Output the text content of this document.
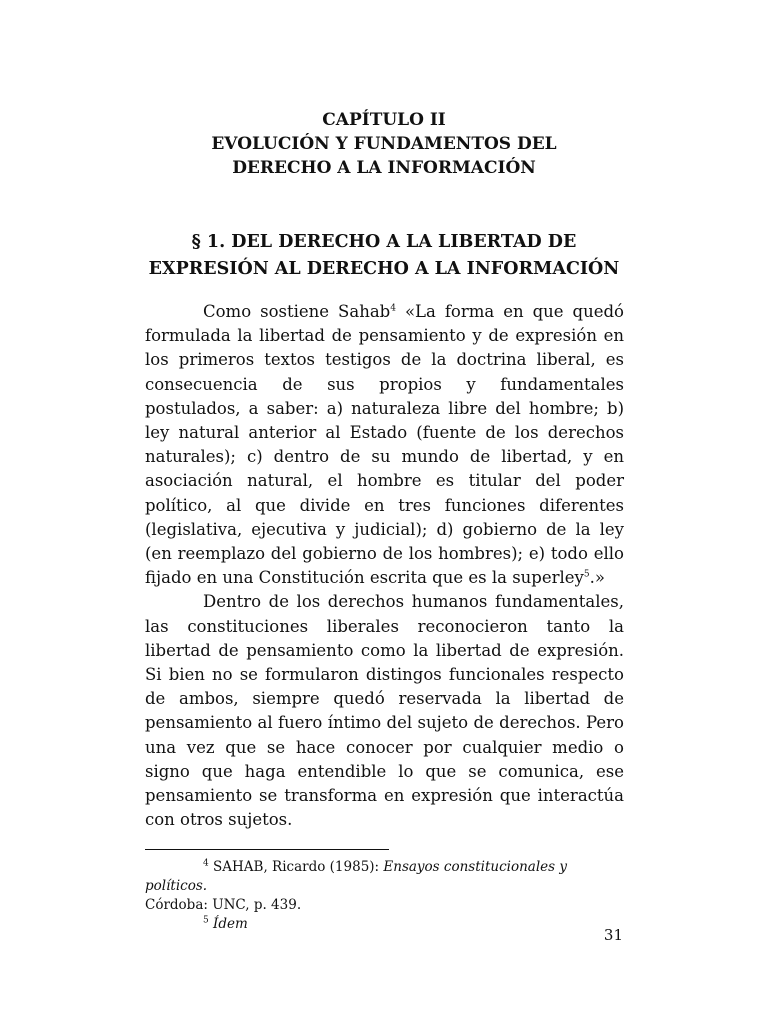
CAPÍTULO II
EVOLUCIÓN Y FUNDAMENTOS DEL
DERECHO A LA INFORMACIÓN
§ 1. DEL DERECHO A LA LIBERTAD DE
EXPRESIÓN AL DERECHO A LA INFORMACIÓN

Como sostiene Sahab$^4$ «La forma en que quedó formulada la libertad de pensamiento y de expresión en los primeros textos testigos de la doctrina liberal, es consecuencia de sus propios y fundamentales postulados, a saber: a) naturaleza libre del hombre; b) ley natural anterior al Estado (fuente de los derechos naturales); c) dentro de su mundo de libertad, y en asociación natural, el hombre es titular del poder político, al que divide en tres funciones diferentes (legislativa, ejecutiva y judicial); d) gobierno de la ley (en reemplazo del gobierno de los hombres); e) todo ello fijado en una Constitución escrita que es la superley$^5$.»

Dentro de los derechos humanos fundamentales, las constituciones liberales reconocieron tanto la libertad de pensamiento como la libertad de expresión. Si bien no se formularon distingos funcionales respecto de ambos, siempre quedó reservada la libertad de pensamiento al fuero íntimo del sujeto de derechos. Pero una vez que se hace conocer por cualquier medio o signo que haga entendible lo que se comunica, ese pensamiento se transforma en expresión que interactúa con otros sujetos.

$^4$ SAHAB, Ricardo (1985): Ensayos constitucionales y políticos.

Córdoba: UNC, p. 439.

$^5$ Ídem

31
